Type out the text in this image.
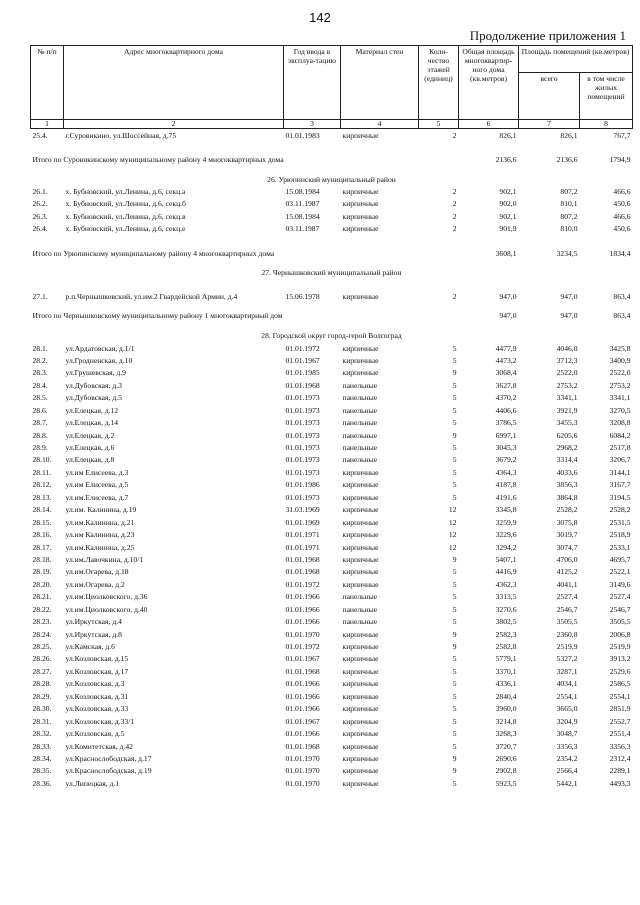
142
Продолжение приложения 1
№ п/п	Адрес многоквартирного дома	Год ввода в эксплуа-тацию	Материал стен	Коли-чество этажей (единиц)	Общая площадь многоквартир-ного дома (кв.метров)	Площадь помещений (кв.метров)	
						всего	в том числе жилых помещений
1	2	3	4	5	6	7	8
25.4.	г.Суровикино, ул.Шоссейная, д.75	01.01.1983	кирпичные	2	826,1	826,1	767,7

Итого по Суровикинскому муниципальному району 4 многоквартирных дома					2136,6	2136,6	1794,9
26. Урюпинский муниципальный район							
26.1.	х. Бубновский, ул.Ленина, д.6, секц.а	15.08.1984	кирпичные	2	902,1	807,2	466,6
26.2.	х. Бубновский, ул.Ленина, д.6, секц.б	03.11.1987	кирпичные	2	902,0	810,1	450,6
26.3.	х. Бубновский, ул.Ленина, д.6, секц.в	15.08.1984	кирпичные	2	902,1	807,2	466,6
26.4.	х. Бубновский, ул.Ленина, д.6, секц.е	03.11.1987	кирпичные	2	901,9	810,0	450,6

Итого по Урюпинскому муниципальному району 4 многоквартирных дома					3608,1	3234,5	1834,4
27. Чернышковский муниципальный район							

27.1.	р.п.Чернышковский, ул.им.2 Гвардейской Армии, д.4	15.06.1978	кирпичные	2	947,0	947,0	863,4
Итого по Чернышковскому муниципальному району 1 многоквартирный дом					947,0	947,0	863,4
28. Городской округ город-герой Волгоград							
28.1.	ул.Ардатовская, д.1/1	01.01.1972	кирпичные	5	4477,9	4046,0	3425,8
28.2.	ул.Гродненская, д.10	01.01.1967	кирпичные	5	4473,2	3712,3	3400,9
28.3.	ул.Грушевская, д.9	01.01.1985	кирпичные	9	3068,4	2522,0	2522,0
28.4.	ул.Дубовская, д.3	01.01.1968	панельные	5	3627,8	2753,2	2753,2
28.5.	ул.Дубовская, д.5	01.01.1973	панельные	5	4370,2	3341,1	3341,1
28.6.	ул.Елецкая, д.12	01.01.1973	панельные	5	4406,6	3921,9	3270,5
28.7.	ул.Елецкая, д.14	01.01.1973	панельные	5	3786,5	3455,3	3208,8
28.8.	ул.Елецкая, д.2	01.01.1973	панельные	9	6997,1	6205,6	6084,2
28.9.	ул.Елецкая, д.6	01.01.1973	панельные	5	3045,3	2968,2	2517,8
28.10.	ул.Елецкая, д.8	01.01.1973	панельные	5	3679,2	3314,4	3206,7
28.11.	ул.им Елисеева, д.3	01.01.1973	кирпичные	5	4364,3	4033,6	3144,1
28.12.	ул.им Елисеева, д.5	01.01.1986	кирпичные	5	4187,8	3856,3	3167,7
28.13.	ул.им.Елисеева, д.7	01.01.1973	кирпичные	5	4191,6	3864,8	3194,5
28.14.	ул.им. Калинина, д.19	31.03.1969	кирпичные	12	3345,8	2528,2	2528,2
28.15.	ул.им.Калинина, д.21	01.01.1969	кирпичные	12	3259,9	3075,8	2531,5
28.16.	ул.им Калинина, д.23	01.01.1971	кирпичные	12	3229,6	3019,7	2518,9
28.17.	ул.им.Калинина, д.25	01.01.1971	кирпичные	12	3294,2	3074,7	2533,1
28.18.	ул.им.Лавочкина, д.10/1	01.01.1968	кирпичные	9	5407,1	4706,0	4695,7
28.19.	ул.им.Огарева, д.18	01.01.1968	кирпичные	5	4416,9	4125,2	2522,1
28.20.	ул.им.Огарева, д.2	01.01.1972	кирпичные	5	4362,3	4041,1	3149,6
28.21.	ул.им.Циолковского, д.36	01.01.1966	панельные	5	3313,5	2527,4	2527,4
28.22.	ул.им.Циолковского, д.40	01.01.1966	панельные	5	3270,6	2546,7	2546,7
28.23.	ул.Иркутская, д.4	01.01.1966	панельные	5	3802,5	3505,5	3505,5
28.24.	ул.Иркутская, д.8	01.01.1970	кирпичные	9	2582,3	2360,8	2006,8
28.25.	ул.Камская, д.6	01.01.1972	кирпичные	9	2582,8	2519,9	2519,9
28.26.	ул.Козловская, д.15	01.01.1967	кирпичные	5	5779,1	5327,2	3913,2
28.27.	ул.Козловская, д.17	01.01.1968	кирпичные	5	3370,1	3287,1	2529,6
28.28.	ул.Козловская, д.3	01.01.1966	кирпичные	5	4336,1	4034,1	2586,5
28.29.	ул.Козловская, д.31	01.01.1966	кирпичные	5	2840,4	2554,1	2554,1
28.30.	ул.Козловская, д.33	01.01.1966	кирпичные	5	3960,0	3665,0	2851,9
28.31.	ул.Козловская, д.33/1	01.01.1967	кирпичные	5	3214,8	3204,9	2552,7
28.32.	ул.Козловская, д.5	01.01.1966	кирпичные	5	3268,3	3048,7	2551,4
28.33.	ул.Комитетская, д.42	01.01.1968	кирпичные	5	3720,7	3356,3	3356,3
28.34.	ул.Краснослободская, д.17	01.01.1970	кирпичные	9	2690,6	2354,2	2312,4
28.35.	ул.Краснослободская, д.19	01.01.1970	кирпичные	9	2902,8	2566,4	2289,1
28.36.	ул.Липецкая, д.1	01.01.1970	кирпичные	5	5923,5	5442,1	4493,3
